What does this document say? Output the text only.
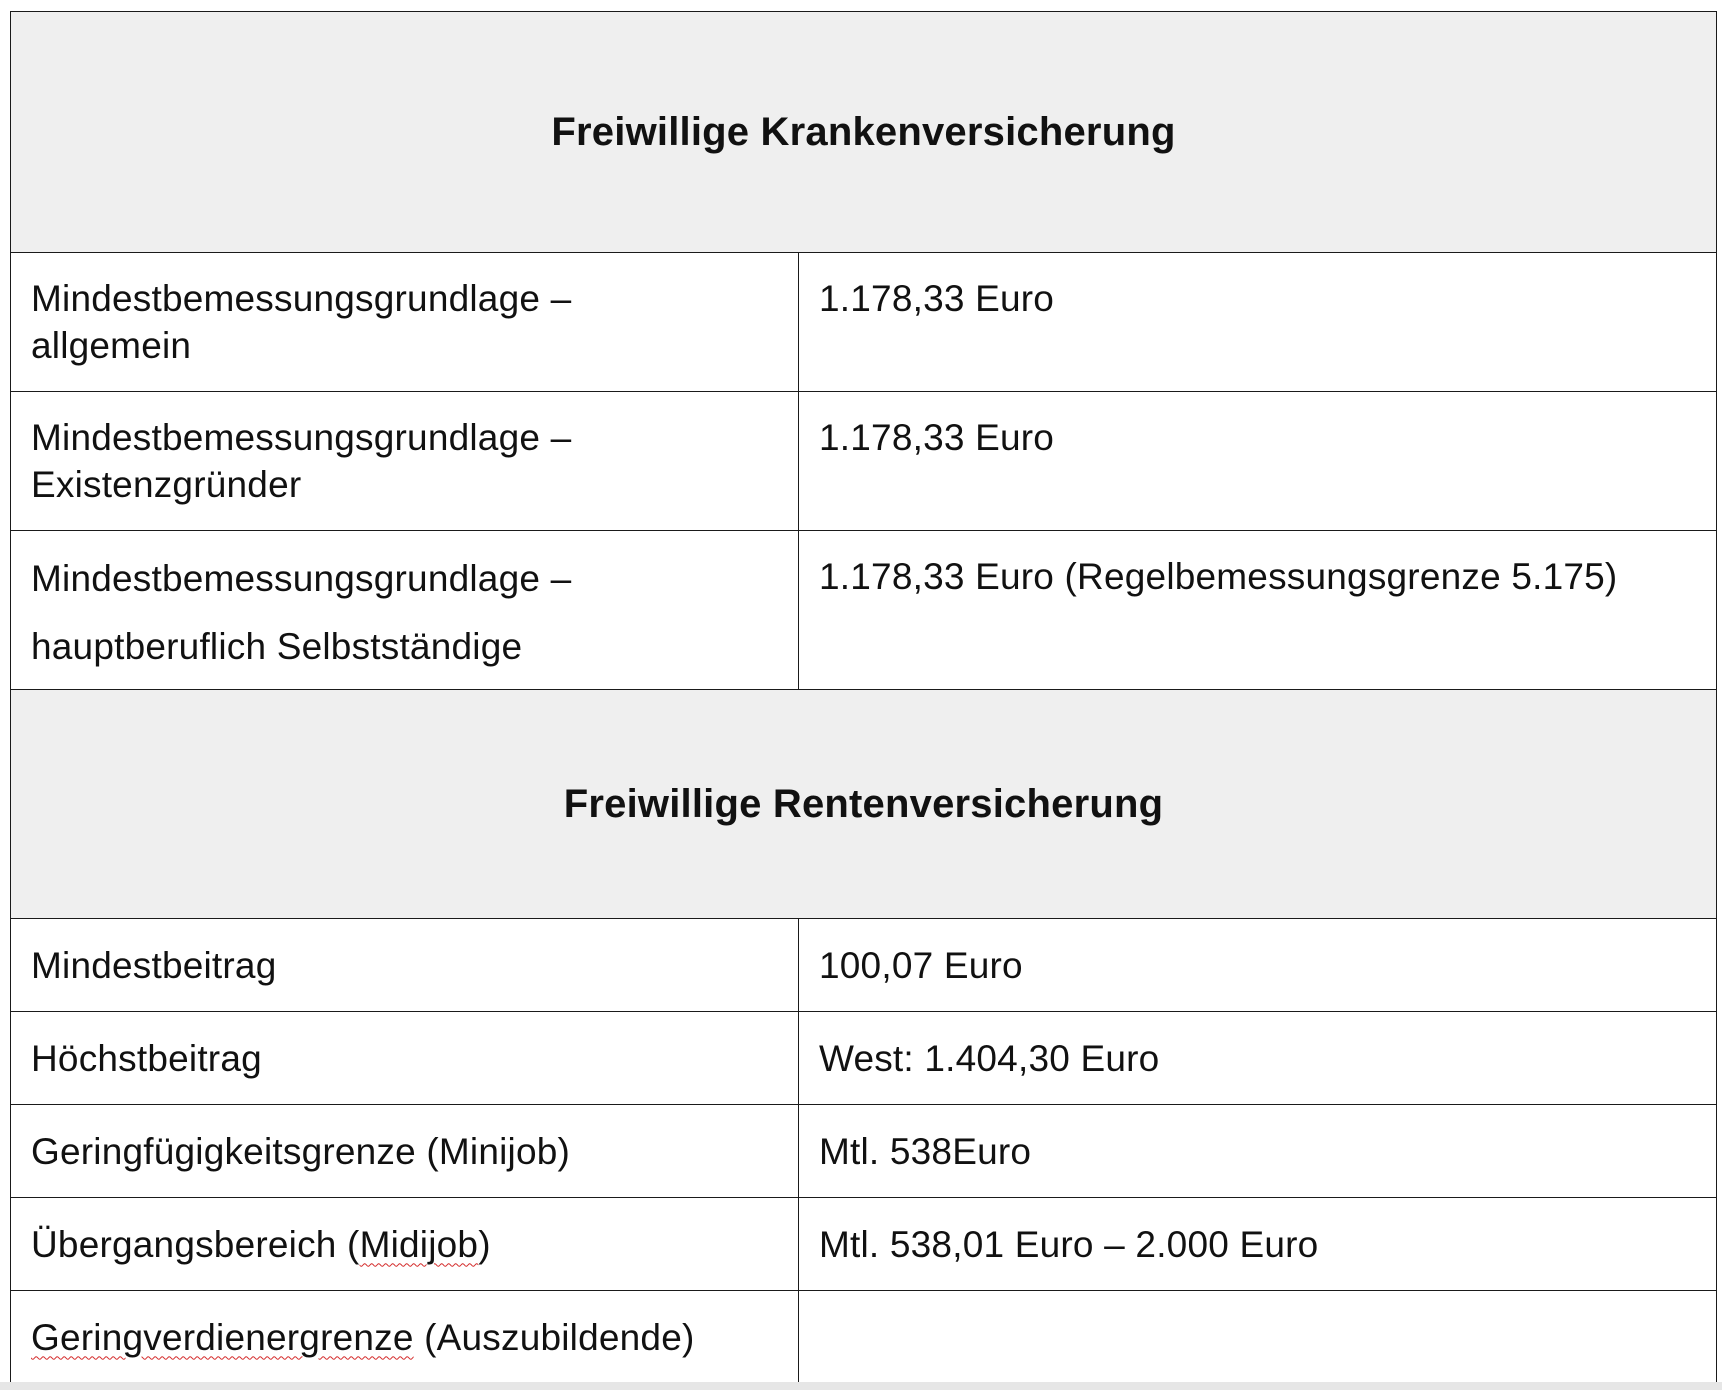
Freiwillige Krankenversicherung	

Mindestbemessungsgrundlage –
allgemein	1.178,33 Euro

Mindestbemessungsgrundlage –
Existenzgründer	1.178,33 Euro

Mindestbemessungsgrundlage –
hauptberuflich Selbstständige	1.178,33 Euro (Regelbemessungsgrenze 5.175)

Freiwillige Rentenversicherung	

Mindestbeitrag	100,07 Euro

Höchstbeitrag	West: 1.404,30 Euro

Geringfügigkeitsgrenze (Minijob)	Mtl. 538Euro

Übergangsbereich (Midijob)	Mtl. 538,01 Euro – 2.000 Euro

Geringverdienergrenze (Auszubildende)	
